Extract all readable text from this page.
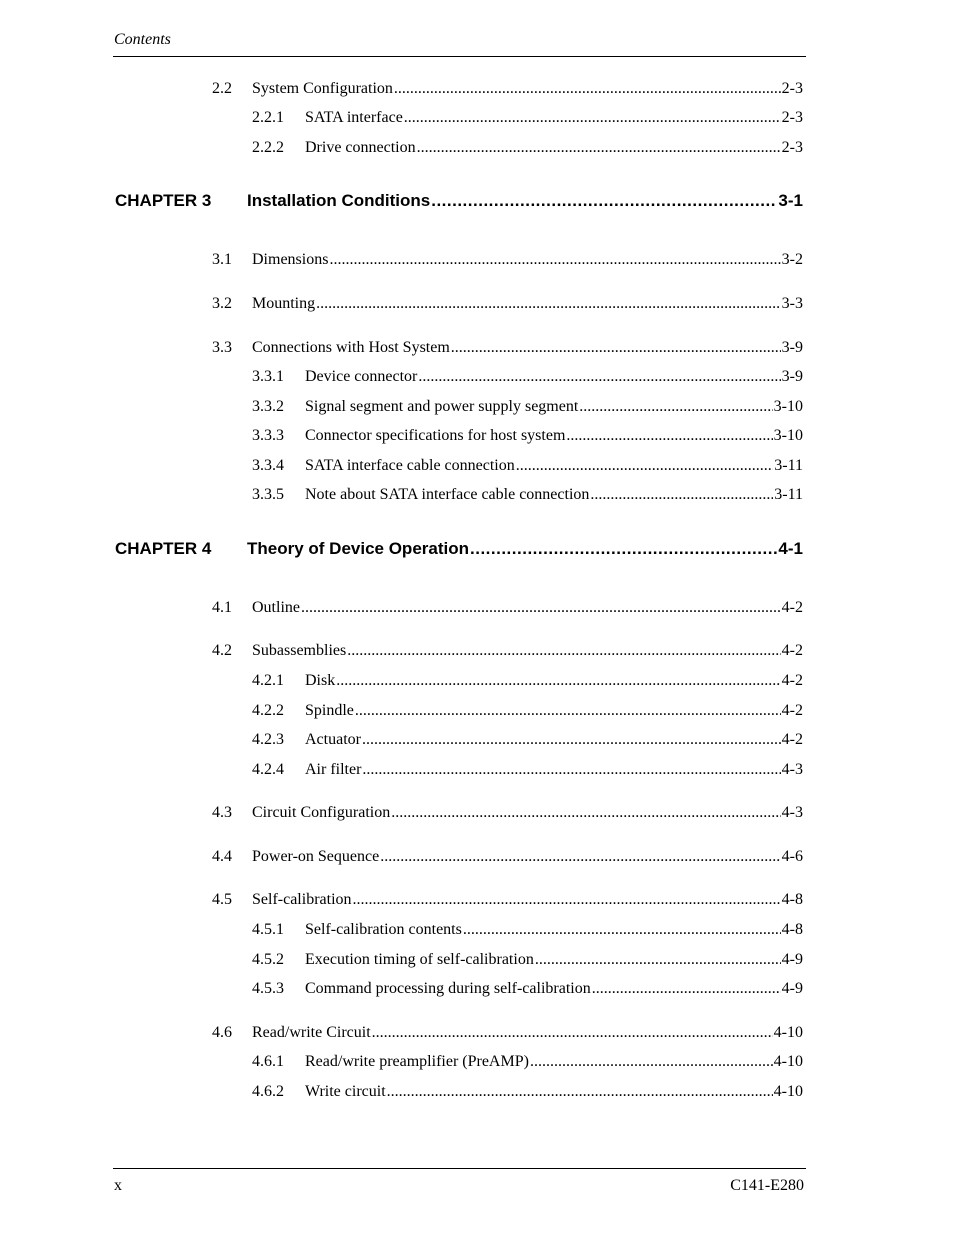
Contents
2.2	System Configuration .....	2-3
2.2.1	SATA interface .....	2-3
2.2.2	Drive connection .....	2-3
CHAPTER 3	Installation Conditions .....	3-1
3.1	Dimensions .....	3-2
3.2	Mounting .....	3-3
3.3	Connections with Host System .....	3-9
3.3.1	Device connector .....	3-9
3.3.2	Signal segment and power supply segment .....	3-10
3.3.3	Connector specifications for host system .....	3-10
3.3.4	SATA interface cable connection .....	3-11
3.3.5	Note about SATA interface cable connection .....	3-11
CHAPTER 4	Theory of Device Operation .....	4-1
4.1	Outline .....	4-2
4.2	Subassemblies .....	4-2
4.2.1	Disk .....	4-2
4.2.2	Spindle .....	4-2
4.2.3	Actuator .....	4-2
4.2.4	Air filter .....	4-3
4.3	Circuit Configuration .....	4-3
4.4	Power-on Sequence .....	4-6
4.5	Self-calibration .....	4-8
4.5.1	Self-calibration contents .....	4-8
4.5.2	Execution timing of self-calibration .....	4-9
4.5.3	Command processing during self-calibration .....	4-9
4.6	Read/write Circuit .....	4-10
4.6.1	Read/write preamplifier (PreAMP) .....	4-10
4.6.2	Write circuit .....	4-10
x	C141-E280
